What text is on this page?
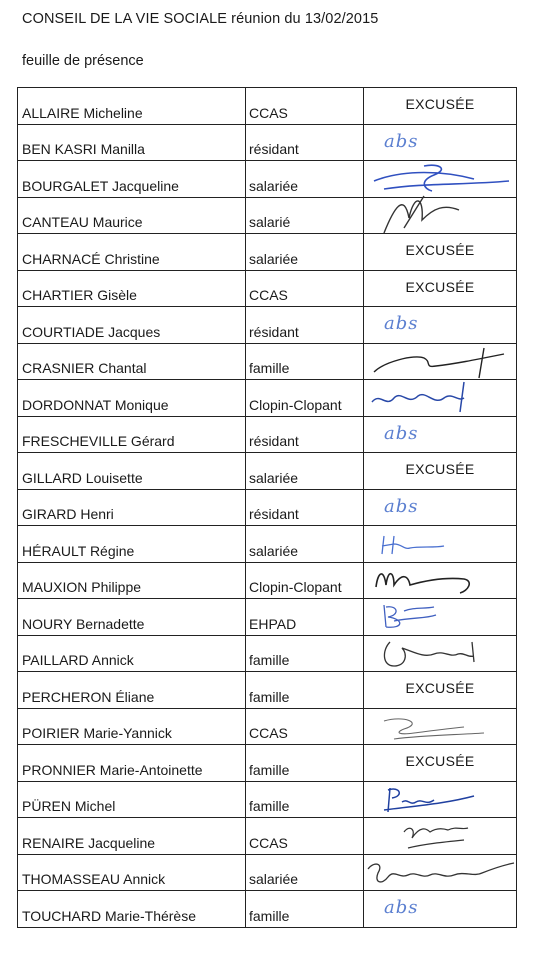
CONSEIL DE LA VIE SOCIALE réunion du 13/02/2015
feuille de présence
ALLAIRE Micheline	CCAS	EXCUSÉE

BEN KASRI Manilla	résidant	abs

BOURGALET Jacqueline	salariée	

CANTEAU Maurice	salarié	

CHARNACÉ Christine	salariée	EXCUSÉE

CHARTIER Gisèle	CCAS	EXCUSÉE

COURTIADE Jacques	résidant	abs

CRASNIER Chantal	famille	

DORDONNAT Monique	Clopin-Clopant	

FRESCHEVILLE Gérard	résidant	abs

GILLARD Louisette	salariée	EXCUSÉE

GIRARD Henri	résidant	abs

HÉRAULT Régine	salariée	

MAUXION Philippe	Clopin-Clopant	

NOURY Bernadette	EHPAD	

PAILLARD Annick	famille	

PERCHERON Éliane	famille	EXCUSÉE

POIRIER Marie-Yannick	CCAS	

PRONNIER Marie-Antoinette	famille	EXCUSÉE

PÜREN Michel	famille	

RENAIRE Jacqueline	CCAS	

THOMASSEAU Annick	salariée	

TOUCHARD Marie-Thérèse	famille	abs
